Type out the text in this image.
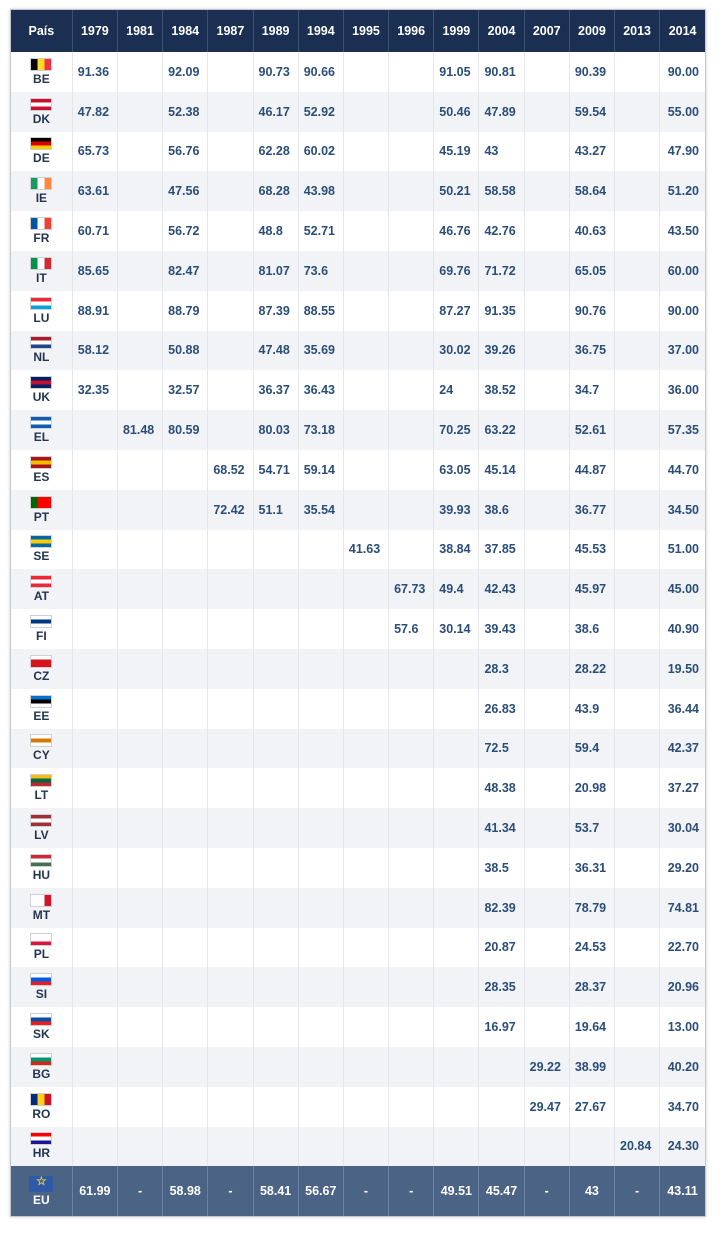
País	1979	1981	1984	1987	1989	1994	1995	1996	1999	2004	2007	2009	2013	2014

BE	91.36		92.09		90.73	90.66			91.05	90.81		90.39		90.00

DK	47.82		52.38		46.17	52.92			50.46	47.89		59.54		55.00

DE	65.73		56.76		62.28	60.02			45.19	43		43.27		47.90

IE	63.61		47.56		68.28	43.98			50.21	58.58		58.64		51.20

FR	60.71		56.72		48.8	52.71			46.76	42.76		40.63		43.50

IT	85.65		82.47		81.07	73.6			69.76	71.72		65.05		60.00

LU	88.91		88.79		87.39	88.55			87.27	91.35		90.76		90.00

NL	58.12		50.88		47.48	35.69			30.02	39.26		36.75		37.00

UK	32.35		32.57		36.37	36.43			24	38.52		34.7		36.00

EL		81.48	80.59		80.03	73.18			70.25	63.22		52.61		57.35

ES				68.52	54.71	59.14			63.05	45.14		44.87		44.70

PT				72.42	51.1	35.54			39.93	38.6		36.77		34.50

SE							41.63		38.84	37.85		45.53		51.00

AT								67.73	49.4	42.43		45.97		45.00

FI								57.6	30.14	39.43		38.6		40.90

CZ										28.3		28.22		19.50

EE										26.83		43.9		36.44

CY										72.5		59.4		42.37

LT										48.38		20.98		37.27

LV										41.34		53.7		30.04

HU										38.5		36.31		29.20

MT										82.39		78.79		74.81

PL										20.87		24.53		22.70

SI										28.35		28.37		20.96

SK										16.97		19.64		13.00

BG											29.22	38.99		40.20

RO											29.47	27.67		34.70

HR													20.84	24.30

☆
EU	61.99	-	58.98	-	58.41	56.67	-	-	49.51	45.47	-	43	-	43.11
